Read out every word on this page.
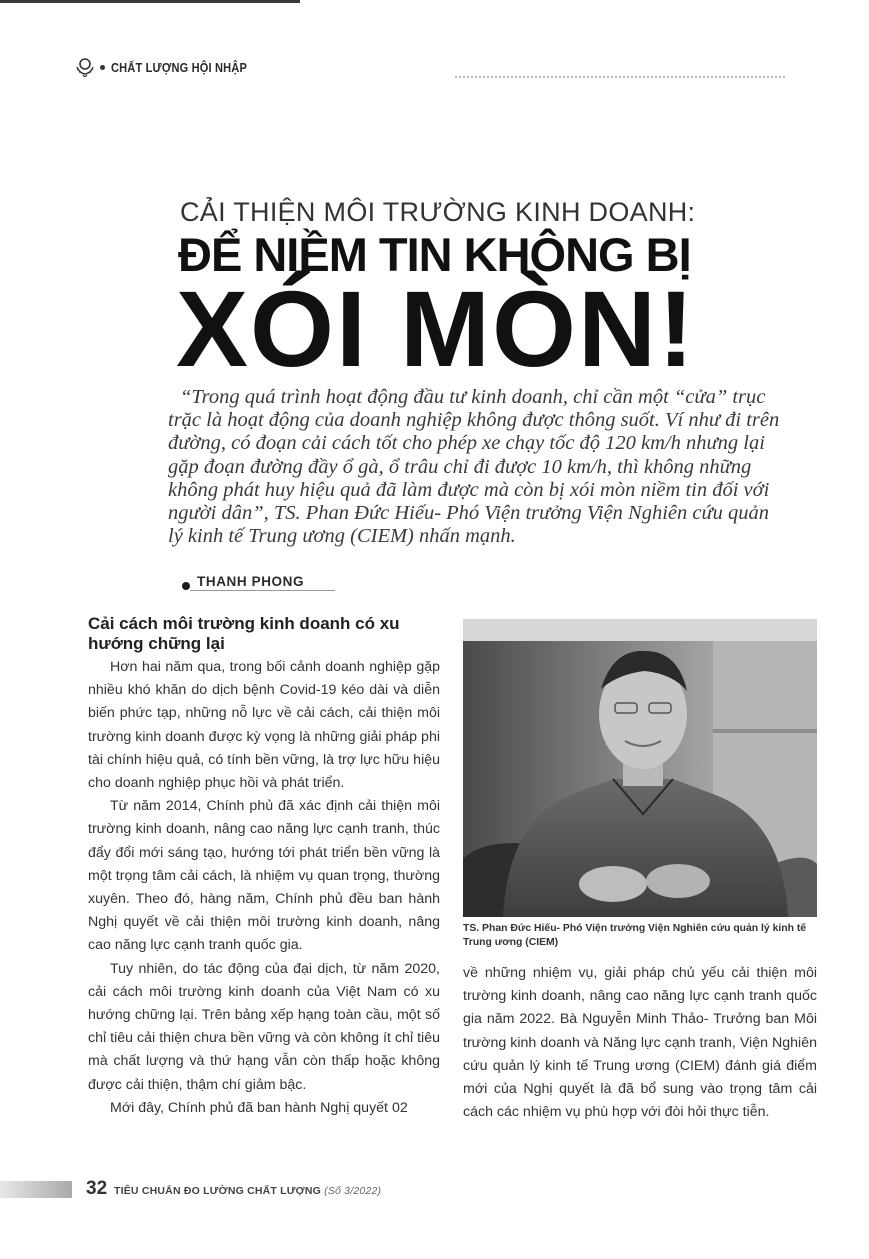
CHẤT LƯỢNG HỘI NHẬP
CẢI THIỆN MÔI TRƯỜNG KINH DOANH:
ĐỂ NIỀM TIN KHÔNG BỊ
XÓI MÒN!
“Trong quá trình hoạt động đầu tư kinh doanh, chỉ cần một “cửa” trục trặc là hoạt động của doanh nghiệp không được thông suốt. Ví như đi trên đường, có đoạn cải cách tốt cho phép xe chạy tốc độ 120 km/h nhưng lại gặp đoạn đường đầy ổ gà, ổ trâu chỉ đi được 10 km/h, thì không những không phát huy hiệu quả đã làm được mà còn bị xói mòn niềm tin đối với người dân”, TS. Phan Đức Hiếu- Phó Viện trưởng Viện Nghiên cứu quản lý kinh tế Trung ương (CIEM) nhấn mạnh.
THANH PHONG
Cải cách môi trường kinh doanh có xu hướng chững lại

Hơn hai năm qua, trong bối cảnh doanh nghiệp gặp nhiều khó khăn do dịch bệnh Covid-19 kéo dài và diễn biến phức tạp, những nỗ lực về cải cách, cải thiện môi trường kinh doanh được kỳ vọng là những giải pháp phi tài chính hiệu quả, có tính bền vững, là trợ lực hữu hiệu cho doanh nghiệp phục hồi và phát triển.

Từ năm 2014, Chính phủ đã xác định cải thiện môi trường kinh doanh, nâng cao năng lực cạnh tranh, thúc đẩy đổi mới sáng tạo, hướng tới phát triển bền vững là một trọng tâm cải cách, là nhiệm vụ quan trọng, thường xuyên. Theo đó, hàng năm, Chính phủ đều ban hành Nghị quyết về cải thiện môi trường kinh doanh, nâng cao năng lực cạnh tranh quốc gia.

Tuy nhiên, do tác động của đại dịch, từ năm 2020, cải cách môi trường kinh doanh của Việt Nam có xu hướng chững lại. Trên bảng xếp hạng toàn cầu, một số chỉ tiêu cải thiện chưa bền vững và còn không ít chỉ tiêu mà chất lượng và thứ hạng vẫn còn thấp hoặc không được cải thiện, thậm chí giảm bậc.

Mới đây, Chính phủ đã ban hành Nghị quyết 02

TS. Phan Đức Hiếu- Phó Viện trưởng Viện Nghiên cứu quản lý kinh tế Trung ương (CIEM)

về những nhiệm vụ, giải pháp chủ yếu cải thiện môi trường kinh doanh, nâng cao năng lực cạnh tranh quốc gia năm 2022. Bà Nguyễn Minh Thảo- Trưởng ban Môi trường kinh doanh và Năng lực cạnh tranh, Viện Nghiên cứu quản lý kinh tế Trung ương (CIEM) đánh giá điểm mới của Nghị quyết là đã bổ sung vào trọng tâm cải cách các nhiệm vụ phù hợp với đòi hỏi thực tiễn.

32 TIÊU CHUẨN ĐO LƯỜNG CHẤT LƯỢNG (Số 3/2022)
